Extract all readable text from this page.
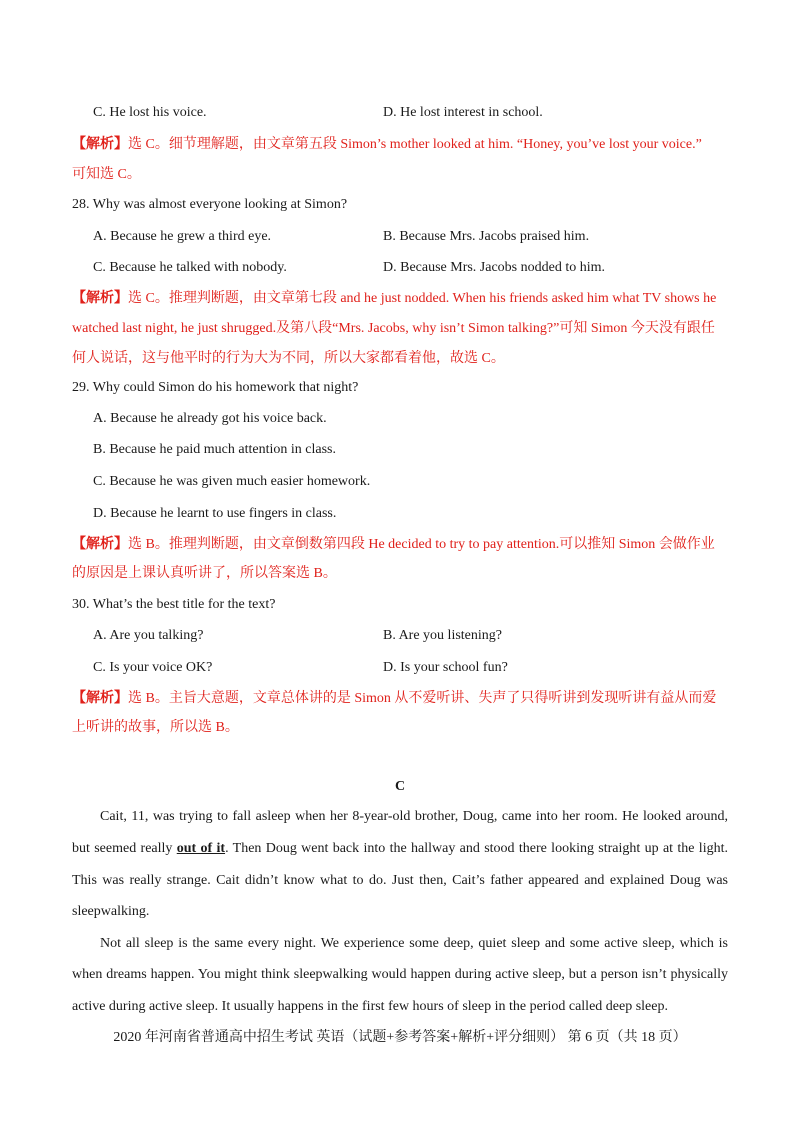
C. He lost his voice.	D. He lost interest in school.
【解析】选 C。细节理解题，由文章第五段 Simon’s mother looked at him. “Honey, you’ve lost your voice.”
可知选 C。
28. Why was almost everyone looking at Simon?
A. Because he grew a third eye.	B. Because Mrs. Jacobs praised him.
C. Because he talked with nobody.	D. Because Mrs. Jacobs nodded to him.
【解析】选 C。推理判断题，由文章第七段 and he just nodded. When his friends asked him what TV shows he
watched last night, he just shrugged.及第八段“Mrs. Jacobs, why isn’t Simon talking?”可知 Simon 今天没有跟任
何人说话，这与他平时的行为大为不同，所以大家都看着他，故选 C。
29. Why could Simon do his homework that night?
A. Because he already got his voice back.
B. Because he paid much attention in class.
C. Because he was given much easier homework.
D. Because he learnt to use fingers in class.
【解析】选 B。推理判断题，由文章倒数第四段 He decided to try to pay attention.可以推知 Simon 会做作业
的原因是上课认真听讲了，所以答案选 B。
30. What’s the best title for the text?
A. Are you talking?	B. Are you listening?
C. Is your voice OK?	D. Is your school fun?
【解析】选 B。主旨大意题，文章总体讲的是 Simon 从不爱听讲、失声了只得听讲到发现听讲有益从而爱
上听讲的故事，所以选 B。
C
Cait, 11, was trying to fall asleep when her 8-year-old brother, Doug, came into her room. He looked around,
but seemed really out of it. Then Doug went back into the hallway and stood there looking straight up at the light.
This was really strange. Cait didn’t know what to do. Just then, Cait’s father appeared and explained Doug was
sleepwalking.
Not all sleep is the same every night. We experience some deep, quiet sleep and some active sleep, which is
when dreams happen. You might think sleepwalking would happen during active sleep, but a person isn’t physically
active during active sleep. It usually happens in the first few hours of sleep in the period called deep sleep.
2020 年河南省普通高中招生考试 英语（试题+参考答案+解析+评分细则） 第 6 页（共 18 页）
